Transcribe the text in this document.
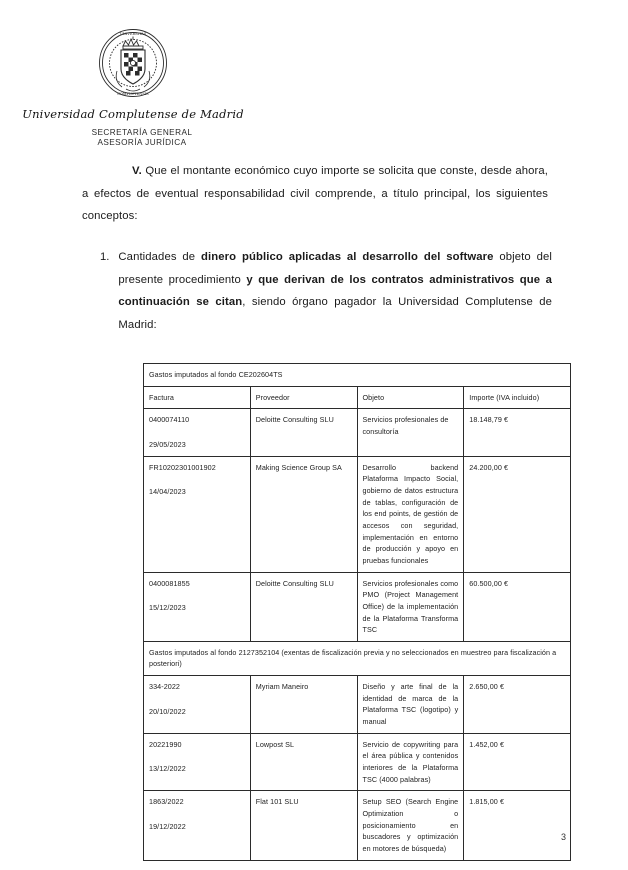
UNIVERSITAS
COMPLUTENSIS
Universidad Complutense de Madrid
SECRETARÍA GENERAL
ASESORÍA JURÍDICA

V. Que el montante económico cuyo importe se solicita que conste, desde ahora, a efectos de eventual responsabilidad civil comprende, a título principal, los siguientes conceptos:

1. Cantidades de dinero público aplicadas al desarrollo del software objeto del presente procedimiento y que derivan de los contratos administrativos que a continuación se citan, siendo órgano pagador la Universidad Complutense de Madrid:
Gastos imputados al fondo CE202604TS			
Factura	Proveedor	Objeto	Importe (IVA incluido)

0400074110
29/05/2023	Deloitte Consulting SLU	Servicios profesionales de consultoría	18.148,79 €

FR10202301001902
14/04/2023	Making Science Group SA	Desarrollo backend Plataforma Impacto Social, gobierno de datos estructura de tablas, configuración de los end points, de gestión de accesos con seguridad, implementación en entorno de producción y apoyo en pruebas funcionales	24.200,00 €

0400081855
15/12/2023	Deloitte Consulting SLU	Servicios profesionales como PMO (Project Management Office) de la implementación de la Plataforma Transforma TSC	60.500,00 €
Gastos imputados al fondo 2127352104 (exentas de fiscalización previa y no seleccionados en muestreo para fiscalización a posteriori)			

334-2022
20/10/2022	Myriam Maneiro	Diseño y arte final de la identidad de marca de la Plataforma TSC (logotipo) y manual	2.650,00 €

20221990
13/12/2022	Lowpost SL	Servicio de copywriting para el área pública y contenidos interiores de la Plataforma TSC (4000 palabras)	1.452,00 €

1863/2022
19/12/2022	Flat 101 SLU	Setup SEO (Search Engine Optimization o posicionamiento en buscadores y optimización en motores de búsqueda)	1.815,00 €
3
